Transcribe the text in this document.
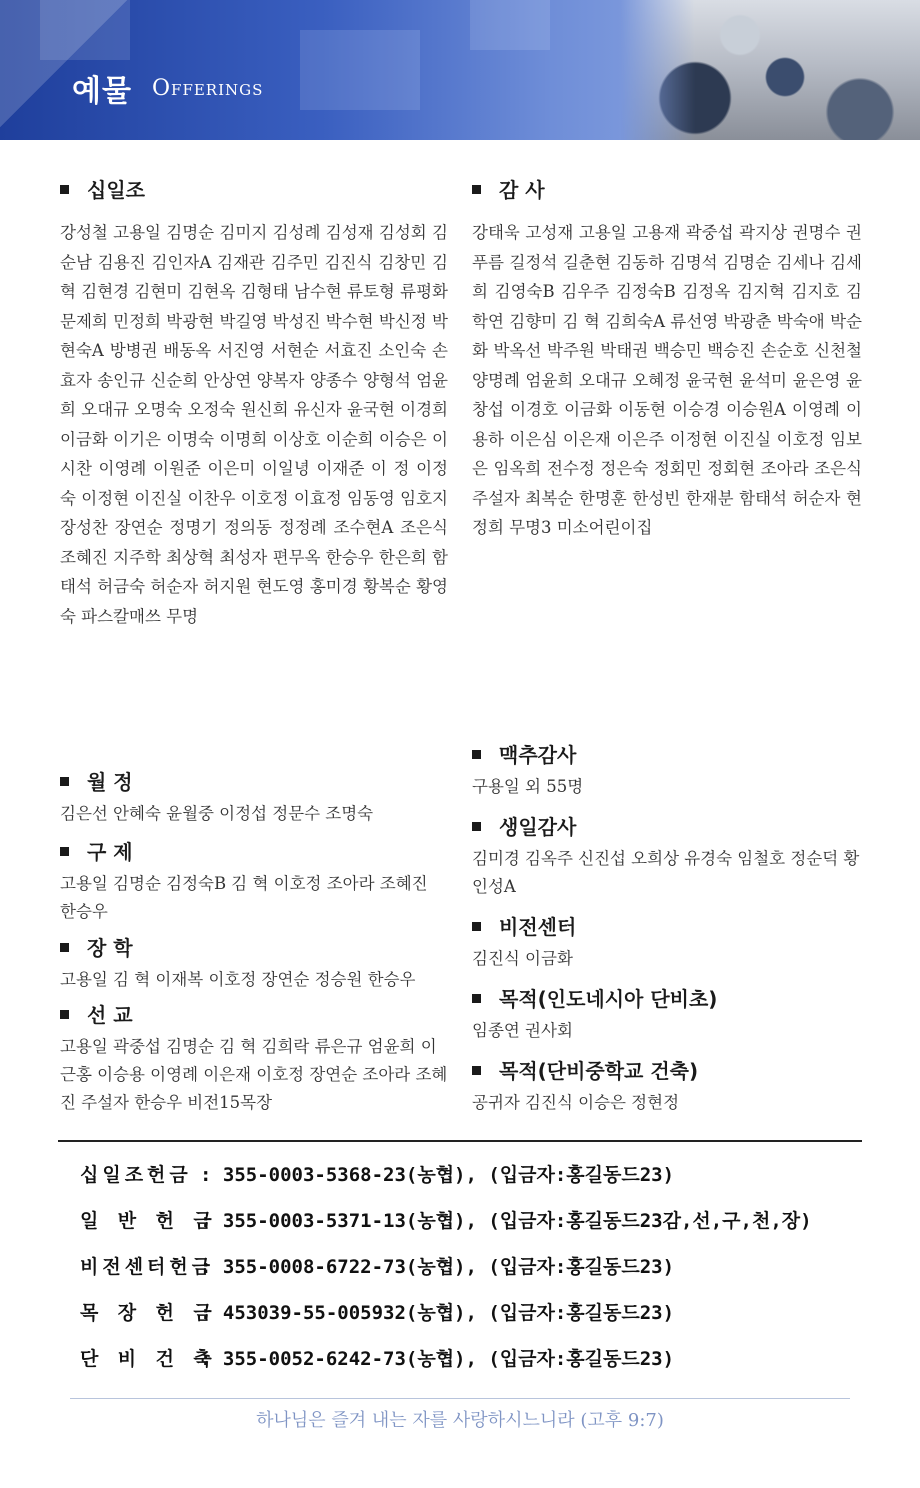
예물 Offerings
십일조
강성철 고용일 김명순 김미지 김성례 김성재 김성회 김순남 김용진 김인자A 김재관 김주민 김진식 김창민 김 혁 김현경 김현미 김현옥 김형태 남수현 류토형 류평화 문제희 민정희 박광현 박길영 박성진 박수현 박신정 박현숙A 방병권 배동옥 서진영 서현순 서효진 소인숙 손효자 송인규 신순희 안상연 양복자 양종수 양형석 엄윤희 오대규 오명숙 오정숙 원신희 유신자 윤국현 이경희 이금화 이기은 이명숙 이명희 이상호 이순희 이승은 이시찬 이영례 이원준 이은미 이일녕 이재준 이 정 이정숙 이정현 이진실 이찬우 이호정 이효정 임동영 임호지 장성찬 장연순 정명기 정의동 정정례 조수현A 조은식 조혜진 지주학 최상혁 최성자 편무옥 한승우 한은희 함태석 허금숙 허순자 허지원 현도영 홍미경 황복순 황영숙 파스칼매쓰 무명
감 사
강태욱 고성재 고용일 고용재 곽중섭 곽지상 권명수 권푸름 길정석 길춘현 김동하 김명석 김명순 김세나 김세희 김영숙B 김우주 김정숙B 김정옥 김지혁 김지호 김학연 김향미 김 혁 김희숙A 류선영 박광춘 박숙애 박순화 박옥선 박주원 박태권 백승민 백승진 손순호 신천철 양명례 엄윤희 오대규 오혜정 윤국현 윤석미 윤은영 윤창섭 이경호 이금화 이동현 이승경 이승원A 이영례 이용하 이은심 이은재 이은주 이정현 이진실 이호정 임보은 임옥희 전수정 정은숙 정회민 정회현 조아라 조은식 주설자 최복순 한명훈 한성빈 한재분 함태석 허순자 현정희 무명3 미소어린이집
월 정
김은선 안혜숙 윤월중 이정섭 정문수 조명숙
구 제
고용일 김명순 김정숙B 김 혁 이호정 조아라 조혜진 한승우
장 학
고용일 김 혁 이재복 이호정 장연순 정승원 한승우
선 교
고용일 곽중섭 김명순 김 혁 김희락 류은규 엄윤희 이근홍 이승용 이영례 이은재 이호정 장연순 조아라 조혜진 주설자 한승우 비전15목장
맥추감사
구용일 외 55명
생일감사
김미경 김옥주 신진섭 오희상 유경숙 임철호 정순덕 황인성A
비전센터
김진식 이금화
목적(인도네시아 단비초)
임종연 권사회
목적(단비중학교 건축)
공귀자 김진식 이승은 정현정
십일조헌금 : 355-0003-5368-23(농협), (입금자:홍길동드23)
일 반 헌 금: 355-0003-5371-13(농협), (입금자:홍길동드23감,선,구,천,장)
비전센터헌금: 355-0008-6722-73(농협), (입금자:홍길동드23)
목 장 헌 금: 453039-55-005932(농협), (입금자:홍길동드23)
단 비 건 축: 355-0052-6242-73(농협), (입금자:홍길동드23)
하나님은 즐겨 내는 자를 사랑하시느니라 (고후 9:7)
